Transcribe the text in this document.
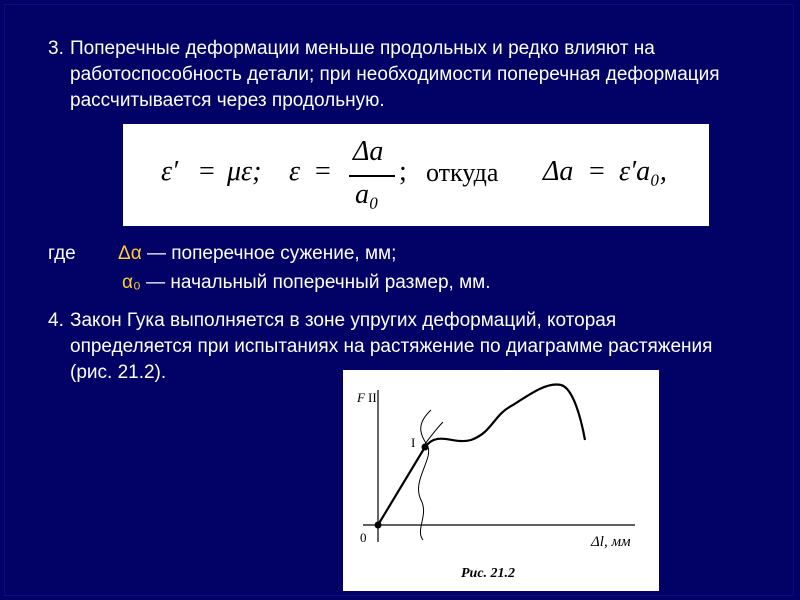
3. Поперечные деформации меньше продольных и редко влияют на работоспособность детали; при необходимости поперечная деформация рассчитывается через продольную.
ε′ = με; ε =
Δa
a₀
; откуда Δa = ε′a₀,
где Δα — поперечное сужение, мм;
α₀ — начальный поперечный размер, мм.
4. Закон Гука выполняется в зоне упругих деформаций, которая определяется при испытаниях на растяжение по диаграмме растяжения (рис. 21.2).
F II
I
0	Δl, мм
Рис. 21.2
